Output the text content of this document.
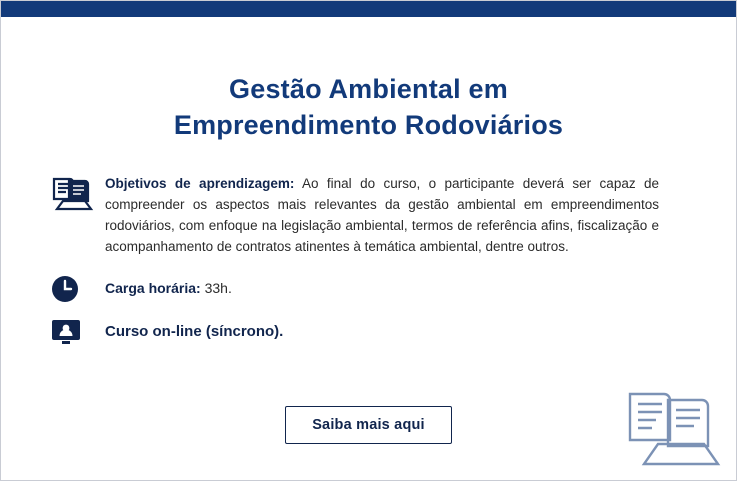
Gestão Ambiental em
Empreendimento Rodoviários
Objetivos de aprendizagem: Ao final do curso, o participante deverá ser capaz de compreender os aspectos mais relevantes da gestão ambiental em empreendimentos rodoviários, com enfoque na legislação ambiental, termos de referência afins, fiscalização e acompanhamento de contratos atinentes à temática ambiental, dentre outros.
Carga horária: 33h.
Curso on-line (síncrono).
Saiba mais aqui
